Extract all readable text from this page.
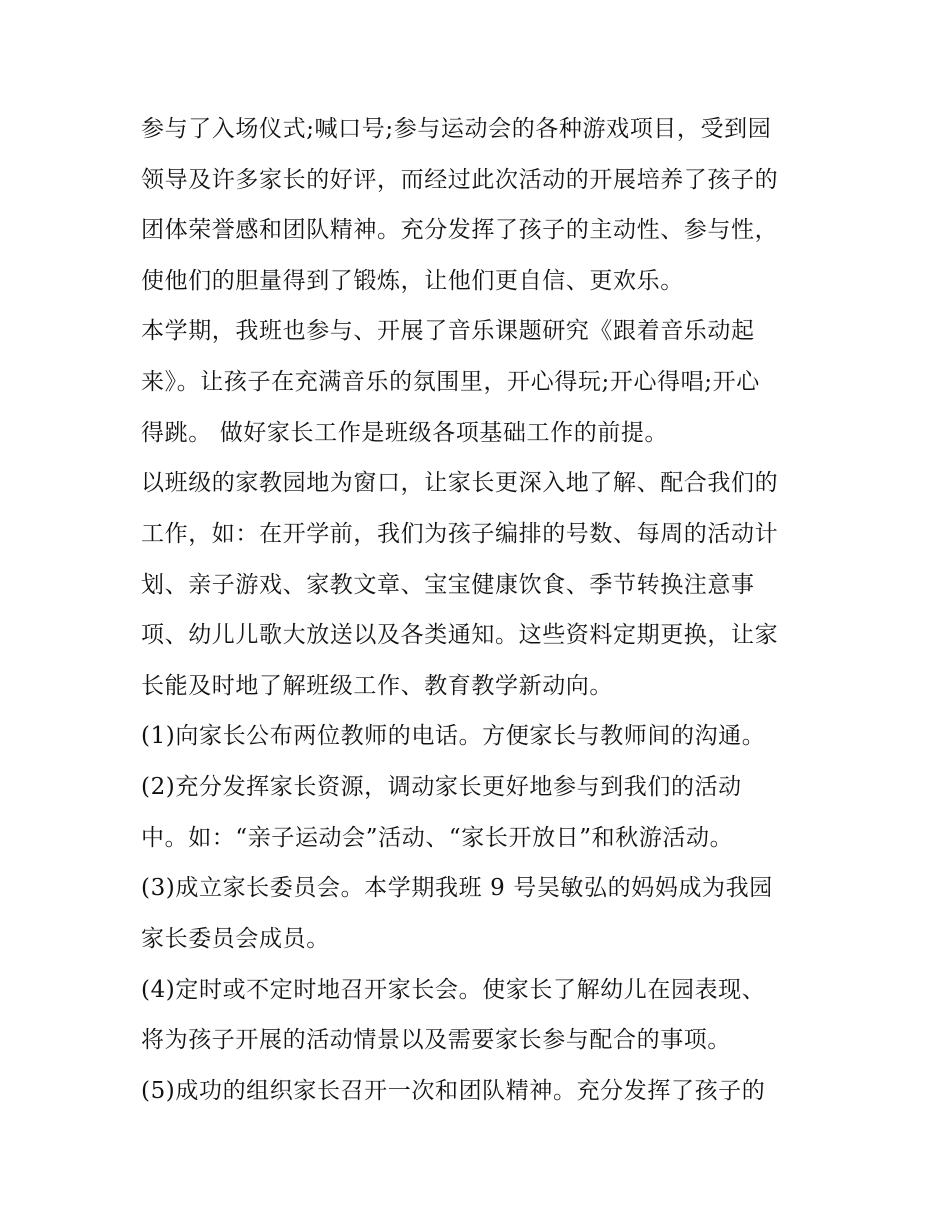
参与了入场仪式;喊口号;参与运动会的各种游戏项目，受到园
领导及许多家长的好评，而经过此次活动的开展培养了孩子的
团体荣誉感和团队精神。充分发挥了孩子的主动性、参与性，
使他们的胆量得到了锻炼，让他们更自信、更欢乐。
本学期，我班也参与、开展了音乐课题研究《跟着音乐动起
来》。让孩子在充满音乐的氛围里，开心得玩;开心得唱;开心
得跳。 做好家长工作是班级各项基础工作的前提。
以班级的家教园地为窗口，让家长更深入地了解、配合我们的
工作，如：在开学前，我们为孩子编排的号数、每周的活动计
划、亲子游戏、家教文章、宝宝健康饮食、季节转换注意事
项、幼儿儿歌大放送以及各类通知。这些资料定期更换，让家
长能及时地了解班级工作、教育教学新动向。
(1)向家长公布两位教师的电话。方便家长与教师间的沟通。
(2)充分发挥家长资源，调动家长更好地参与到我们的活动
中。如：“亲子运动会”活动、“家长开放日”和秋游活动。
(3)成立家长委员会。本学期我班 9 号吴敏弘的妈妈成为我园
家长委员会成员。
(4)定时或不定时地召开家长会。使家长了解幼儿在园表现、
将为孩子开展的活动情景以及需要家长参与配合的事项。
(5)成功的组织家长召开一次和团队精神。充分发挥了孩子的
